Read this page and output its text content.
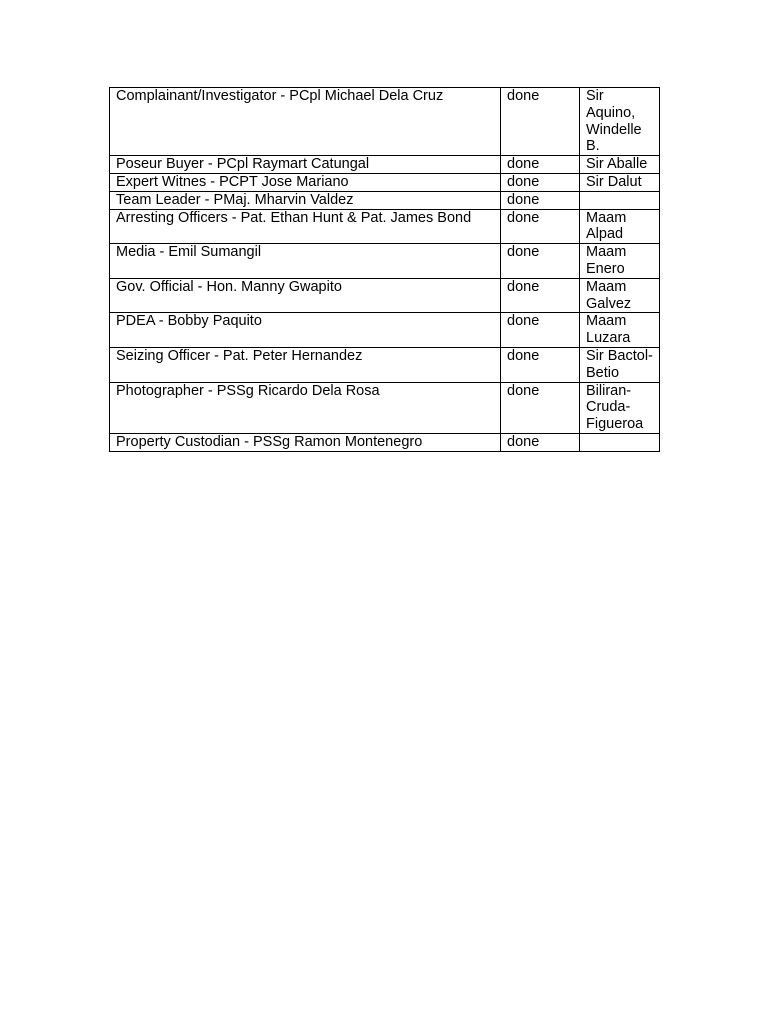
Complainant/Investigator - PCpl Michael Dela Cruz	done	Sir Aquino, Windelle B.
Poseur Buyer - PCpl Raymart Catungal	done	Sir Aballe
Expert Witnes - PCPT Jose Mariano	done	Sir Dalut
Team Leader - PMaj. Mharvin Valdez	done	
Arresting Officers - Pat. Ethan Hunt & Pat. James Bond	done	Maam Alpad
Media - Emil Sumangil	done	Maam Enero
Gov. Official - Hon. Manny Gwapito	done	Maam Galvez
PDEA - Bobby Paquito	done	Maam Luzara
Seizing Officer - Pat. Peter Hernandez	done	Sir Bactol-Betio
Photographer - PSSg Ricardo Dela Rosa	done	Biliran-Cruda-Figueroa
Property Custodian - PSSg Ramon Montenegro	done	
